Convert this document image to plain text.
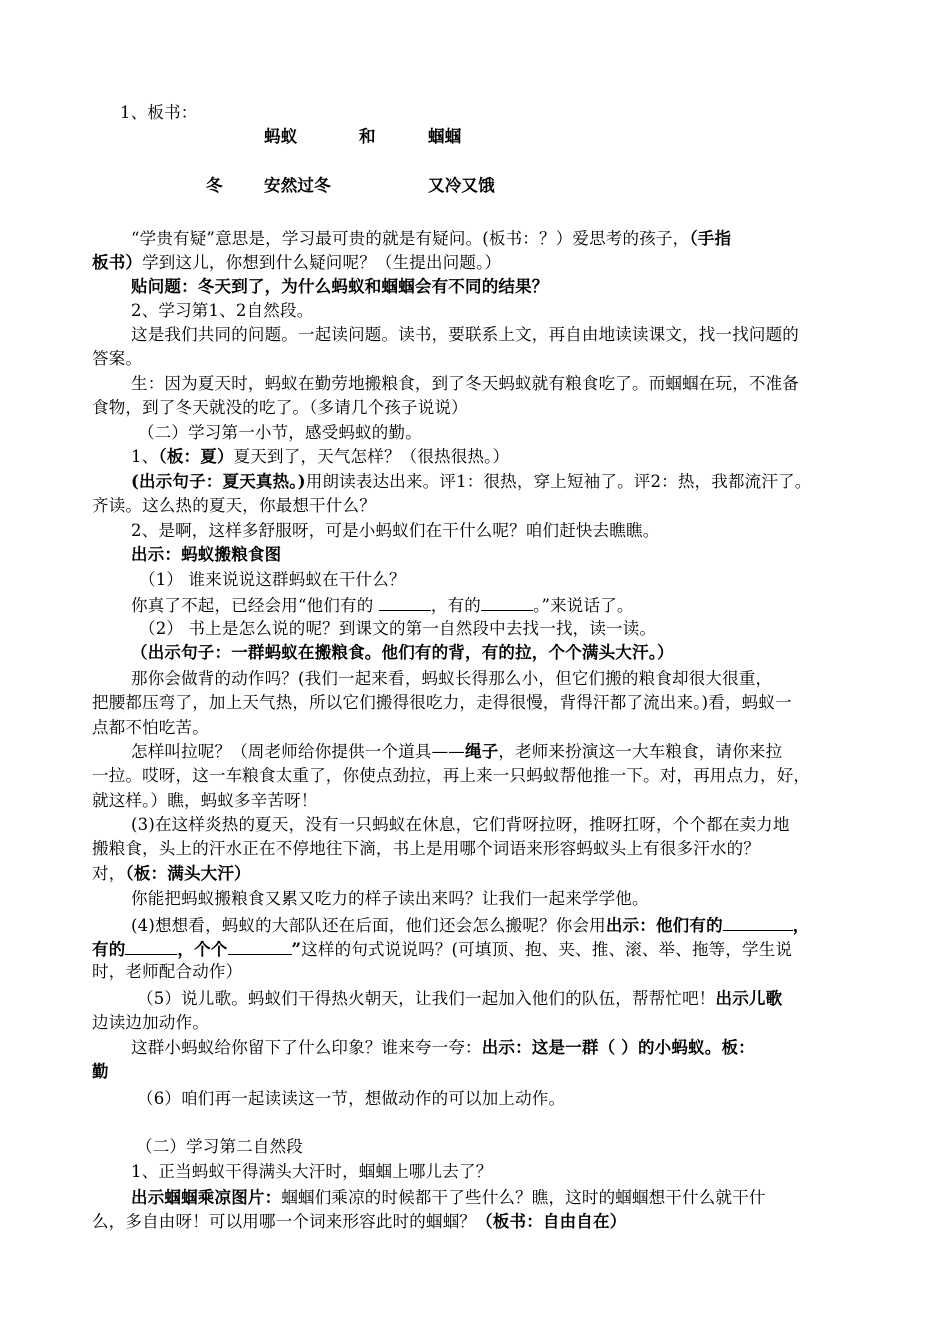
1、板书：
蚂蚁	和	蝈蝈
冬	安然过冬	又冷又饿
“学贵有疑”意思是，学习最可贵的就是有疑问。(板书：？）爱思考的孩子，（手指
板书）学到这儿，你想到什么疑问呢？（生提出问题。）
贴问题：冬天到了，为什么蚂蚁和蝈蝈会有不同的结果？
2、学习第1、2自然段。
这是我们共同的问题。一起读问题。读书，要联系上文，再自由地读读课文，找一找问题的
答案。
生：因为夏天时，蚂蚁在勤劳地搬粮食，到了冬天蚂蚁就有粮食吃了。而蝈蝈在玩，不准备
食物，到了冬天就没的吃了。（多请几个孩子说说）
（二）学习第一小节，感受蚂蚁的勤。
1、（板：夏）夏天到了，天气怎样？（很热很热。）
(出示句子：夏天真热。)用朗读表达出来。评1：很热，穿上短袖了。评2：热，我都流汗了。
齐读。这么热的夏天，你最想干什么？
2、是啊，这样多舒服呀，可是小蚂蚁们在干什么呢？咱们赶快去瞧瞧。
出示：蚂蚁搬粮食图
（1） 谁来说说这群蚂蚁在干什么？
你真了不起，已经会用“他们有的	，有的	。”来说话了。
（2） 书上是怎么说的呢？到课文的第一自然段中去找一找，读一读。
（出示句子：一群蚂蚁在搬粮食。他们有的背，有的拉，个个满头大汗。）
那你会做背的动作吗？(我们一起来看，蚂蚁长得那么小，但它们搬的粮食却很大很重，
把腰都压弯了，加上天气热，所以它们搬得很吃力，走得很慢，背得汗都了流出来。)看，蚂蚁一
点都不怕吃苦。
怎样叫拉呢？（周老师给你提供一个道具——绳子，老师来扮演这一大车粮食，请你来拉
一拉。哎呀，这一车粮食太重了，你使点劲拉，再上来一只蚂蚁帮他推一下。对，再用点力，好，
就这样。）瞧，蚂蚁多辛苦呀！
(3)在这样炎热的夏天，没有一只蚂蚁在休息，它们背呀拉呀，推呀扛呀，个个都在卖力地
搬粮食，头上的汗水正在不停地往下滴，书上是用哪个词语来形容蚂蚁头上有很多汗水的？
对，（板：满头大汗）
你能把蚂蚁搬粮食又累又吃力的样子读出来吗？让我们一起来学学他。
(4)想想看，蚂蚁的大部队还在后面，他们还会怎么搬呢？你会用出示：他们有的	，
有的	，个个	”这样的句式说说吗？(可填顶、抱、夹、推、滚、举、拖等，学生说
时，老师配合动作）
（5）说儿歌。蚂蚁们干得热火朝天，让我们一起加入他们的队伍，帮帮忙吧！出示儿歌
边读边加动作。
这群小蚂蚁给你留下了什么印象？谁来夸一夸：出示：这是一群（ ）的小蚂蚁。板：
勤
（6）咱们再一起读读这一节，想做动作的可以加上动作。
（二）学习第二自然段
1、正当蚂蚁干得满头大汗时，蝈蝈上哪儿去了？
出示蝈蝈乘凉图片：蝈蝈们乘凉的时候都干了些什么？瞧，这时的蝈蝈想干什么就干什
么，多自由呀！可以用哪一个词来形容此时的蝈蝈？（板书：自由自在）
